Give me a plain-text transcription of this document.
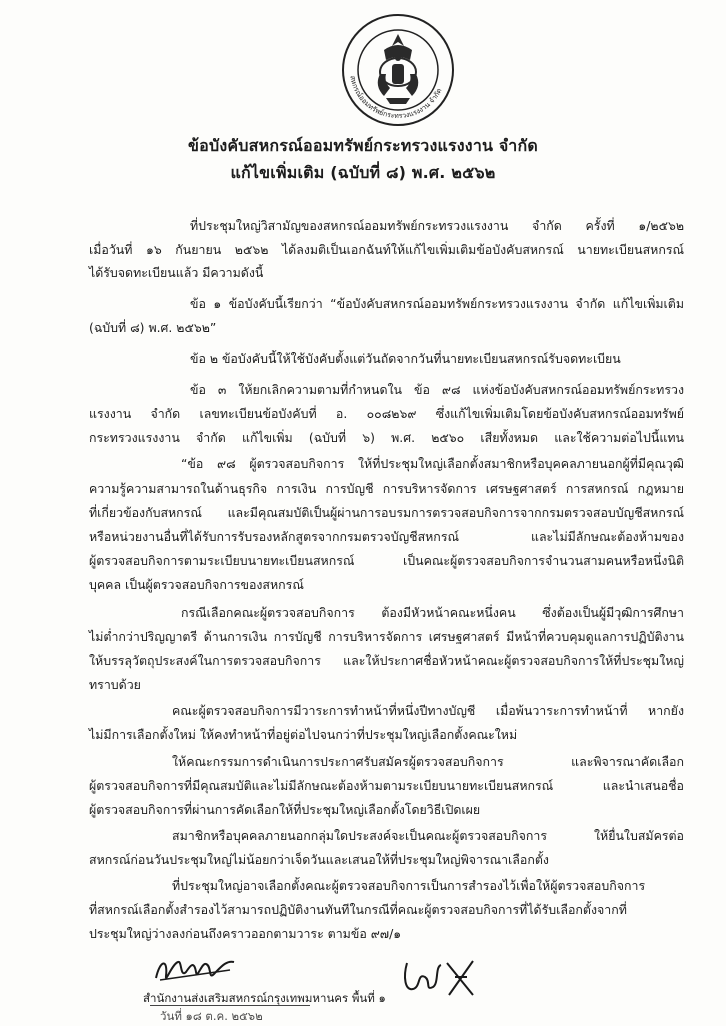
สหกรณ์ออมทรัพย์กระทรวงแรงงาน จำกัด
ข้อบังคับสหกรณ์ออมทรัพย์กระทรวงแรงงาน จำกัด
แก้ไขเพิ่มเติม (ฉบับที่ ๘) พ.ศ. ๒๕๖๒
ที่ประชุมใหญ่วิสามัญของสหกรณ์ออมทรัพย์กระทรวงแรงงาน จำกัด ครั้งที่ ๑/๒๕๖๒
เมื่อวันที่ ๑๖ กันยายน ๒๕๖๒ ได้ลงมติเป็นเอกฉันท์ให้แก้ไขเพิ่มเติมข้อบังคับสหกรณ์ นายทะเบียนสหกรณ์
ได้รับจดทะเบียนแล้ว มีความดังนี้
ข้อ ๑ ข้อบังคับนี้เรียกว่า “ข้อบังคับสหกรณ์ออมทรัพย์กระทรวงแรงงาน จำกัด แก้ไขเพิ่มเติม
(ฉบับที่ ๘) พ.ศ. ๒๕๖๒”
ข้อ ๒ ข้อบังคับนี้ให้ใช้บังคับตั้งแต่วันถัดจากวันที่นายทะเบียนสหกรณ์รับจดทะเบียน
ข้อ ๓ ให้ยกเลิกความตามที่กำหนดใน ข้อ ๙๘ แห่งข้อบังคับสหกรณ์ออมทรัพย์กระทรวง
แรงงาน จำกัด เลขทะเบียนข้อบังคับที่ อ. ๐๐๘๒๖๙ ซึ่งแก้ไขเพิ่มเติมโดยข้อบังคับสหกรณ์ออมทรัพย์
กระทรวงแรงงาน จำกัด แก้ไขเพิ่ม (ฉบับที่ ๖) พ.ศ. ๒๕๖๐ เสียทั้งหมด และใช้ความต่อไปนี้แทน
“ข้อ ๙๘ ผู้ตรวจสอบกิจการ ให้ที่ประชุมใหญ่เลือกตั้งสมาชิกหรือบุคคลภายนอกผู้ที่มีคุณวุฒิ
ความรู้ความสามารถในด้านธุรกิจ การเงิน การบัญชี การบริหารจัดการ เศรษฐศาสตร์ การสหกรณ์ กฎหมาย
ที่เกี่ยวข้องกับสหกรณ์ และมีคุณสมบัติเป็นผู้ผ่านการอบรมการตรวจสอบกิจการจากกรมตรวจสอบบัญชีสหกรณ์
หรือหน่วยงานอื่นที่ได้รับการรับรองหลักสูตรจากกรมตรวจบัญชีสหกรณ์ และไม่มีลักษณะต้องห้ามของ
ผู้ตรวจสอบกิจการตามระเบียบนายทะเบียนสหกรณ์ เป็นคณะผู้ตรวจสอบกิจการจำนวนสามคนหรือหนึ่งนิติ
บุคคล เป็นผู้ตรวจสอบกิจการของสหกรณ์
กรณีเลือกคณะผู้ตรวจสอบกิจการ ต้องมีหัวหน้าคณะหนึ่งคน ซึ่งต้องเป็นผู้มีวุฒิการศึกษา
ไม่ต่ำกว่าปริญญาตรี ด้านการเงิน การบัญชี การบริหารจัดการ เศรษฐศาสตร์ มีหน้าที่ควบคุมดูแลการปฏิบัติงาน
ให้บรรลุวัตถุประสงค์ในการตรวจสอบกิจการ และให้ประกาศชื่อหัวหน้าคณะผู้ตรวจสอบกิจการให้ที่ประชุมใหญ่
ทราบด้วย
คณะผู้ตรวจสอบกิจการมีวาระการทำหน้าที่หนึ่งปีทางบัญชี เมื่อพ้นวาระการทำหน้าที่ หากยัง
ไม่มีการเลือกตั้งใหม่ ให้คงทำหน้าที่อยู่ต่อไปจนกว่าที่ประชุมใหญ่เลือกตั้งคณะใหม่
ให้คณะกรรมการดำเนินการประกาศรับสมัครผู้ตรวจสอบกิจการ และพิจารณาคัดเลือก
ผู้ตรวจสอบกิจการที่มีคุณสมบัติและไม่มีลักษณะต้องห้ามตามระเบียบนายทะเบียนสหกรณ์ และนำเสนอชื่อ
ผู้ตรวจสอบกิจการที่ผ่านการคัดเลือกให้ที่ประชุมใหญ่เลือกตั้งโดยวิธีเปิดเผย
สมาชิกหรือบุคคลภายนอกกลุ่มใดประสงค์จะเป็นคณะผู้ตรวจสอบกิจการ ให้ยื่นใบสมัครต่อ
สหกรณ์ก่อนวันประชุมใหญ่ไม่น้อยกว่าเจ็ดวันและเสนอให้ที่ประชุมใหญ่พิจารณาเลือกตั้ง
ที่ประชุมใหญ่อาจเลือกตั้งคณะผู้ตรวจสอบกิจการเป็นการสำรองไว้เพื่อให้ผู้ตรวจสอบกิจการ
ที่สหกรณ์เลือกตั้งสำรองไว้สามารถปฏิบัติงานทันทีในกรณีที่คณะผู้ตรวจสอบกิจการที่ได้รับเลือกตั้งจากที่
ประชุมใหญ่ว่างลงก่อนถึงคราวออกตามวาระ ตามข้อ ๙๗/๑
สำนักงานส่งเสริมสหกรณ์กรุงเทพมหานคร พื้นที่ ๑
วันที่ ๑๘ ต.ค. ๒๕๖๒
